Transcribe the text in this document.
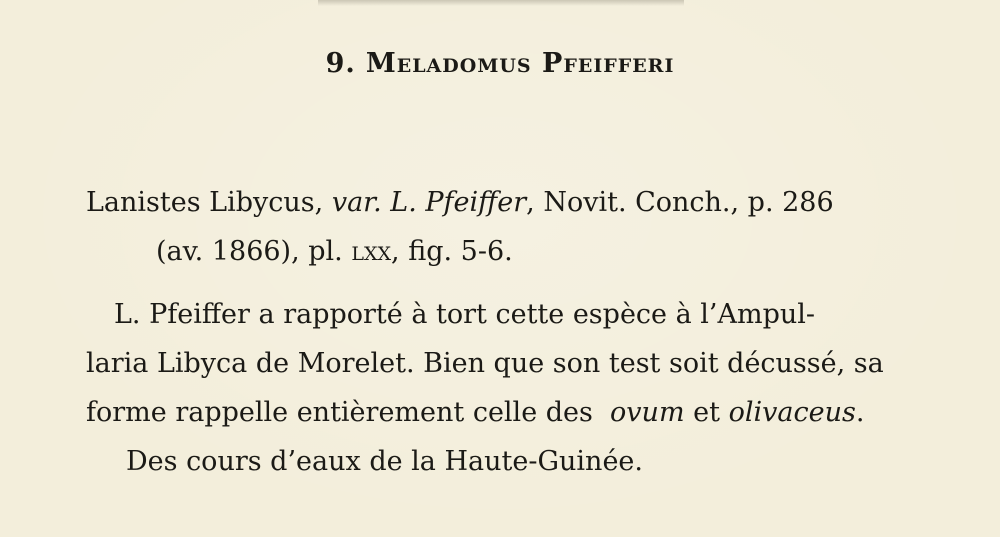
9. Meladomus Pfeifferi
Lanistes Libycus, var. L. Pfeiffer, Novit. Conch., p. 286
(av. 1866), pl. lxx, fig. 5-6.
L. Pfeiffer a rapporté à tort cette espèce à l’Ampul-
laria Libyca de Morelet. Bien que son test soit décussé, sa
forme rappelle entièrement celle des ovum et olivaceus.
Des cours d’eaux de la Haute-Guinée.
